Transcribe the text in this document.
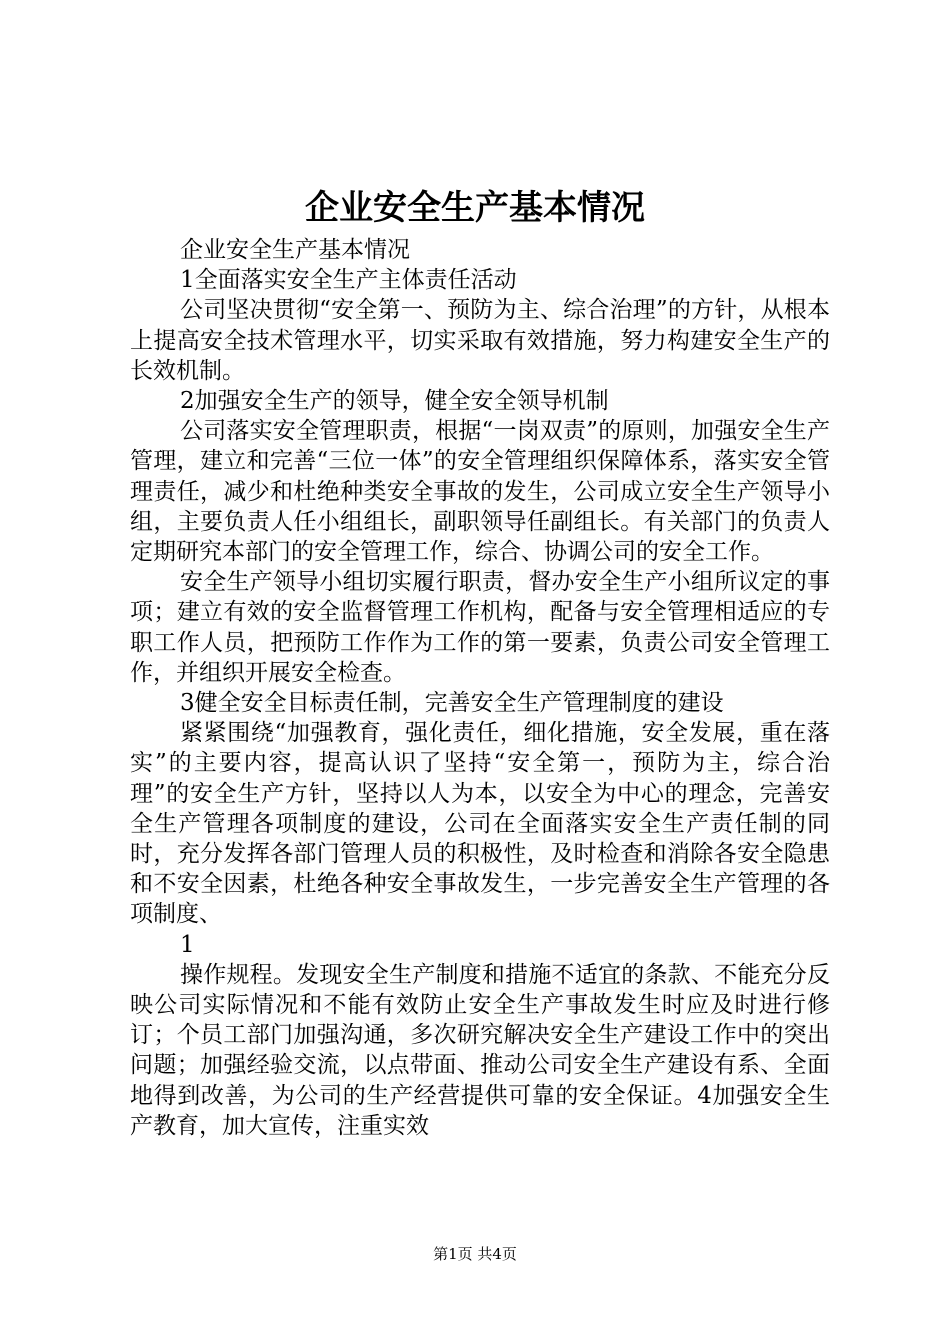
企业安全生产基本情况

企业安全生产基本情况

1全面落实安全生产主体责任活动

公司坚决贯彻“安全第一、预防为主、综合治理”的方针，从根本上提高安全技术管理水平，切实采取有效措施，努力构建安全生产的长效机制。

2加强安全生产的领导，健全安全领导机制

公司落实安全管理职责，根据“一岗双责”的原则，加强安全生产管理，建立和完善“三位一体”的安全管理组织保障体系，落实安全管理责任，减少和杜绝种类安全事故的发生，公司成立安全生产领导小组，主要负责人任小组组长，副职领导任副组长。有关部门的负责人定期研究本部门的安全管理工作，综合、协调公司的安全工作。

安全生产领导小组切实履行职责，督办安全生产小组所议定的事项；建立有效的安全监督管理工作机构，配备与安全管理相适应的专职工作人员，把预防工作作为工作的第一要素，负责公司安全管理工作，并组织开展安全检查。

3健全安全目标责任制，完善安全生产管理制度的建设

紧紧围绕“加强教育，强化责任，细化措施，安全发展，重在落实”的主要内容，提高认识了坚持“安全第一，预防为主，综合治理”的安全生产方针，坚持以人为本，以安全为中心的理念，完善安全生产管理各项制度的建设，公司在全面落实安全生产责任制的同时，充分发挥各部门管理人员的积极性，及时检查和消除各安全隐患和不安全因素，杜绝各种安全事故发生，一步完善安全生产管理的各项制度、

1

操作规程。发现安全生产制度和措施不适宜的条款、不能充分反映公司实际情况和不能有效防止安全生产事故发生时应及时进行修订；个员工部门加强沟通，多次研究解决安全生产建设工作中的突出问题；加强经验交流，以点带面、推动公司安全生产建设有系、全面地得到改善，为公司的生产经营提供可靠的安全保证。4加强安全生产教育，加大宣传，注重实效

第1页 共4页
